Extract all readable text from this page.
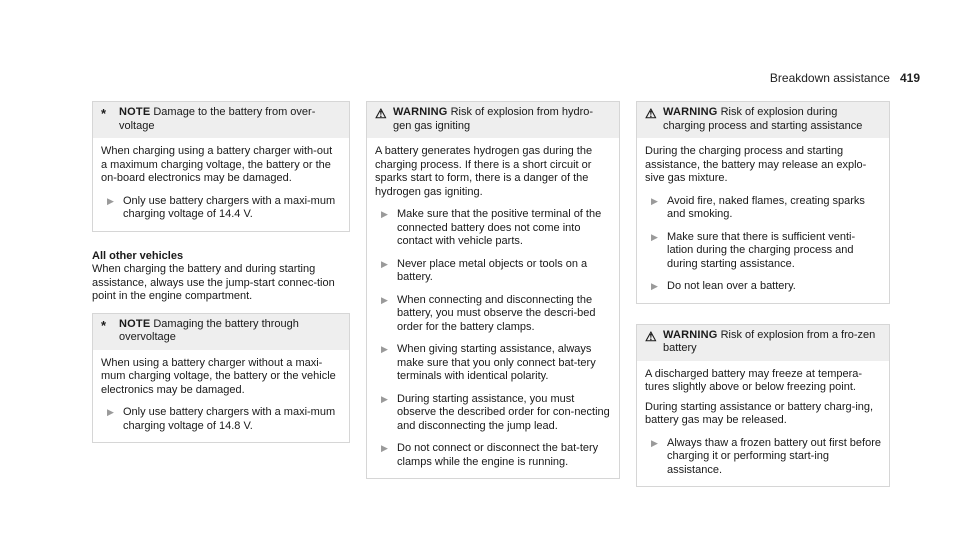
Breakdown assistance 419
*	NOTE Damage to the battery from over-voltage

When charging using a battery charger with-out a maximum charging voltage, the battery or the on-board electronics may be damaged.

▶ Only use battery chargers with a maxi-mum charging voltage of 14.4 V.
All other vehicles

When charging the battery and during starting assistance, always use the jump-start connec-tion point in the engine compartment.

*	NOTE Damaging the battery through overvoltage

When using a battery charger without a maxi-mum charging voltage, the battery or the vehicle electronics may be damaged.

▶ Only use battery chargers with a maxi-mum charging voltage of 14.8 V.
⚠ WARNING Risk of explosion from hydro-gen gas igniting

A battery generates hydrogen gas during the charging process. If there is a short circuit or sparks start to form, there is a danger of the hydrogen gas igniting.

▶ Make sure that the positive terminal of the connected battery does not come into contact with vehicle parts.
▶ Never place metal objects or tools on a battery.
▶ When connecting and disconnecting the battery, you must observe the descri-bed order for the battery clamps.
▶ When giving starting assistance, always make sure that you only connect bat-tery terminals with identical polarity.
▶ During starting assistance, you must observe the described order for con-necting and disconnecting the jump lead.
▶ Do not connect or disconnect the bat-tery clamps while the engine is running.
⚠ WARNING Risk of explosion during charging process and starting assistance

During the charging process and starting assistance, the battery may release an explo-sive gas mixture.

▶ Avoid fire, naked flames, creating sparks and smoking.
▶ Make sure that there is sufficient venti-lation during the charging process and during starting assistance.
▶ Do not lean over a battery.
⚠ WARNING Risk of explosion from a fro-zen battery

A discharged battery may freeze at tempera-tures slightly above or below freezing point.

During starting assistance or battery charg-ing, battery gas may be released.

▶ Always thaw a frozen battery out first before charging it or performing start-ing assistance.
